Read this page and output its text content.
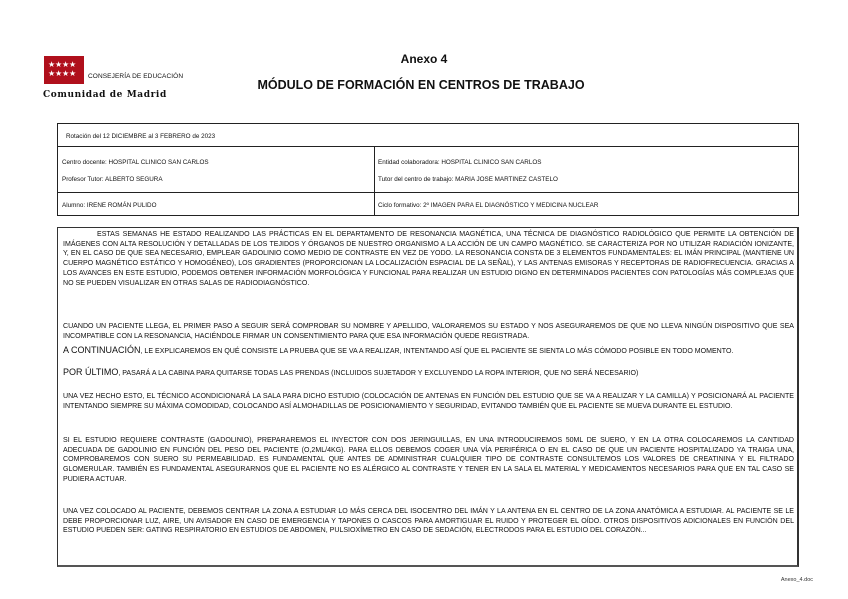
★ ★ ★ ★
★ ★ ★ ★ CONSEJERÍA DE EDUCACIÓN
Comunidad de Madrid
Anexo 4
MÓDULO DE FORMACIÓN EN CENTROS DE TRABAJO
Rotación del 12 DICIEMBRE al 3 FEBRERO de 2023
Centro docente: HOSPITAL CLINICO SAN CARLOS	Entidad colaboradora: HOSPITAL CLINICO SAN CARLOS
Profesor Tutor: ALBERTO SEGURA	Tutor del centro de trabajo: MARIA JOSE MARTINEZ CASTELO
Alumno: IRENE ROMÁN PULIDO	Ciclo formativo: 2º IMAGEN PARA EL DIAGNÓSTICO Y MEDICINA NUCLEAR
ESTAS SEMANAS HE ESTADO REALIZANDO LAS PRÁCTICAS EN EL DEPARTAMENTO DE RESONANCIA MAGNÉTICA, UNA TÉCNICA DE DIAGNÓSTICO RADIOLÓGICO QUE PERMITE LA OBTENCIÓN DE IMÁGENES CON ALTA RESOLUCIÓN Y DETALLADAS DE LOS TEJIDOS Y ÓRGANOS DE NUESTRO ORGANISMO A LA ACCIÓN DE UN CAMPO MAGNÉTICO. SE CARACTERIZA POR NO UTILIZAR RADIACIÓN IONIZANTE, Y, EN EL CASO DE QUE SEA NECESARIO, EMPLEAR GADOLINIO COMO MEDIO DE CONTRASTE EN VEZ DE YODO. LA RESONANCIA CONSTA DE 3 ELEMENTOS FUNDAMENTALES: EL IMÁN PRINCIPAL (MANTIENE UN CUERPO MAGNÉTICO ESTÁTICO Y HOMOGÉNEO), LOS GRADIENTES (PROPORCIONAN LA LOCALIZACIÓN ESPACIAL DE LA SEÑAL), Y LAS ANTENAS EMISORAS Y RECEPTORAS DE RADIOFRECUENCIA. GRACIAS A LOS AVANCES EN ESTE ESTUDIO, PODEMOS OBTENER INFORMACIÓN MORFOLÓGICA Y FUNCIONAL PARA REALIZAR UN ESTUDIO DIGNO EN DETERMINADOS PACIENTES CON PATOLOGÍAS MÁS COMPLEJAS QUE NO SE PUEDEN VISUALIZAR EN OTRAS SALAS DE RADIODIAGNÓSTICO.
CUANDO UN PACIENTE LLEGA, EL PRIMER PASO A SEGUIR SERÁ COMPROBAR SU NOMBRE Y APELLIDO, VALORAREMOS SU ESTADO Y NOS ASEGURAREMOS DE QUE NO LLEVA NINGÚN DISPOSITIVO QUE SEA INCOMPATIBLE CON LA RESONANCIA, HACIÉNDOLE FIRMAR UN CONSENTIMIENTO PARA QUE ESA INFORMACIÓN QUEDE REGISTRADA.
A CONTINUACIÓN, LE EXPLICAREMOS EN QUÉ CONSISTE LA PRUEBA QUE SE VA A REALIZAR, INTENTANDO ASÍ QUE EL PACIENTE SE SIENTA LO MÁS CÓMODO POSIBLE EN TODO MOMENTO.
POR ÚLTIMO, PASARÁ A LA CABINA PARA QUITARSE TODAS LAS PRENDAS (INCLUIDOS SUJETADOR Y EXCLUYENDO LA ROPA INTERIOR, QUE NO SERÁ NECESARIO)
UNA VEZ HECHO ESTO, EL TÉCNICO ACONDICIONARÁ LA SALA PARA DICHO ESTUDIO (COLOCACIÓN DE ANTENAS EN FUNCIÓN DEL ESTUDIO QUE SE VA A REALIZAR Y LA CAMILLA) Y POSICIONARÁ AL PACIENTE INTENTANDO SIEMPRE SU MÁXIMA COMODIDAD, COLOCANDO ASÍ ALMOHADILLAS DE POSICIONAMIENTO Y SEGURIDAD, EVITANDO TAMBIÉN QUE EL PACIENTE SE MUEVA DURANTE EL ESTUDIO.
SI EL ESTUDIO REQUIERE CONTRASTE (GADOLINIO), PREPARAREMOS EL INYECTOR CON DOS JERINGUILLAS, EN UNA INTRODUCIREMOS 50ML DE SUERO, Y EN LA OTRA COLOCAREMOS LA CANTIDAD ADECUADA DE GADOLINIO EN FUNCIÓN DEL PESO DEL PACIENTE (O,2ML/4KG). PARA ELLOS DEBEMOS COGER UNA VÍA PERIFÉRICA O EN EL CASO DE QUE UN PACIENTE HOSPITALIZADO YA TRAIGA UNA, COMPROBAREMOS CON SUERO SU PERMEABILIDAD. ES FUNDAMENTAL QUE ANTES DE ADMINISTRAR CUALQUIER TIPO DE CONTRASTE CONSULTEMOS LOS VALORES DE CREATININA Y EL FILTRADO GLOMERULAR. TAMBIÉN ES FUNDAMENTAL ASEGURARNOS QUE EL PACIENTE NO ES ALÉRGICO AL CONTRASTE Y TENER EN LA SALA EL MATERIAL Y MEDICAMENTOS NECESARIOS PARA QUE EN TAL CASO SE PUDIERA ACTUAR.
UNA VEZ COLOCADO AL PACIENTE, DEBEMOS CENTRAR LA ZONA A ESTUDIAR LO MÁS CERCA DEL ISOCENTRO DEL IMÁN Y LA ANTENA EN EL CENTRO DE LA ZONA ANATÓMICA A ESTUDIAR. AL PACIENTE SE LE DEBE PROPORCIONAR LUZ, AIRE, UN AVISADOR EN CASO DE EMERGENCIA Y TAPONES O CASCOS PARA AMORTIGUAR EL RUIDO Y PROTEGER EL OÍDO. OTROS DISPOSITIVOS ADICIONALES EN FUNCIÓN DEL ESTUDIO PUEDEN SER: GATING RESPIRATORIO EN ESTUDIOS DE ABDOMEN, PULSIOXÍMETRO EN CASO DE SEDACIÓN, ELECTRODOS PARA EL ESTUDIO DEL CORAZÓN...
Anexo_4.doc
